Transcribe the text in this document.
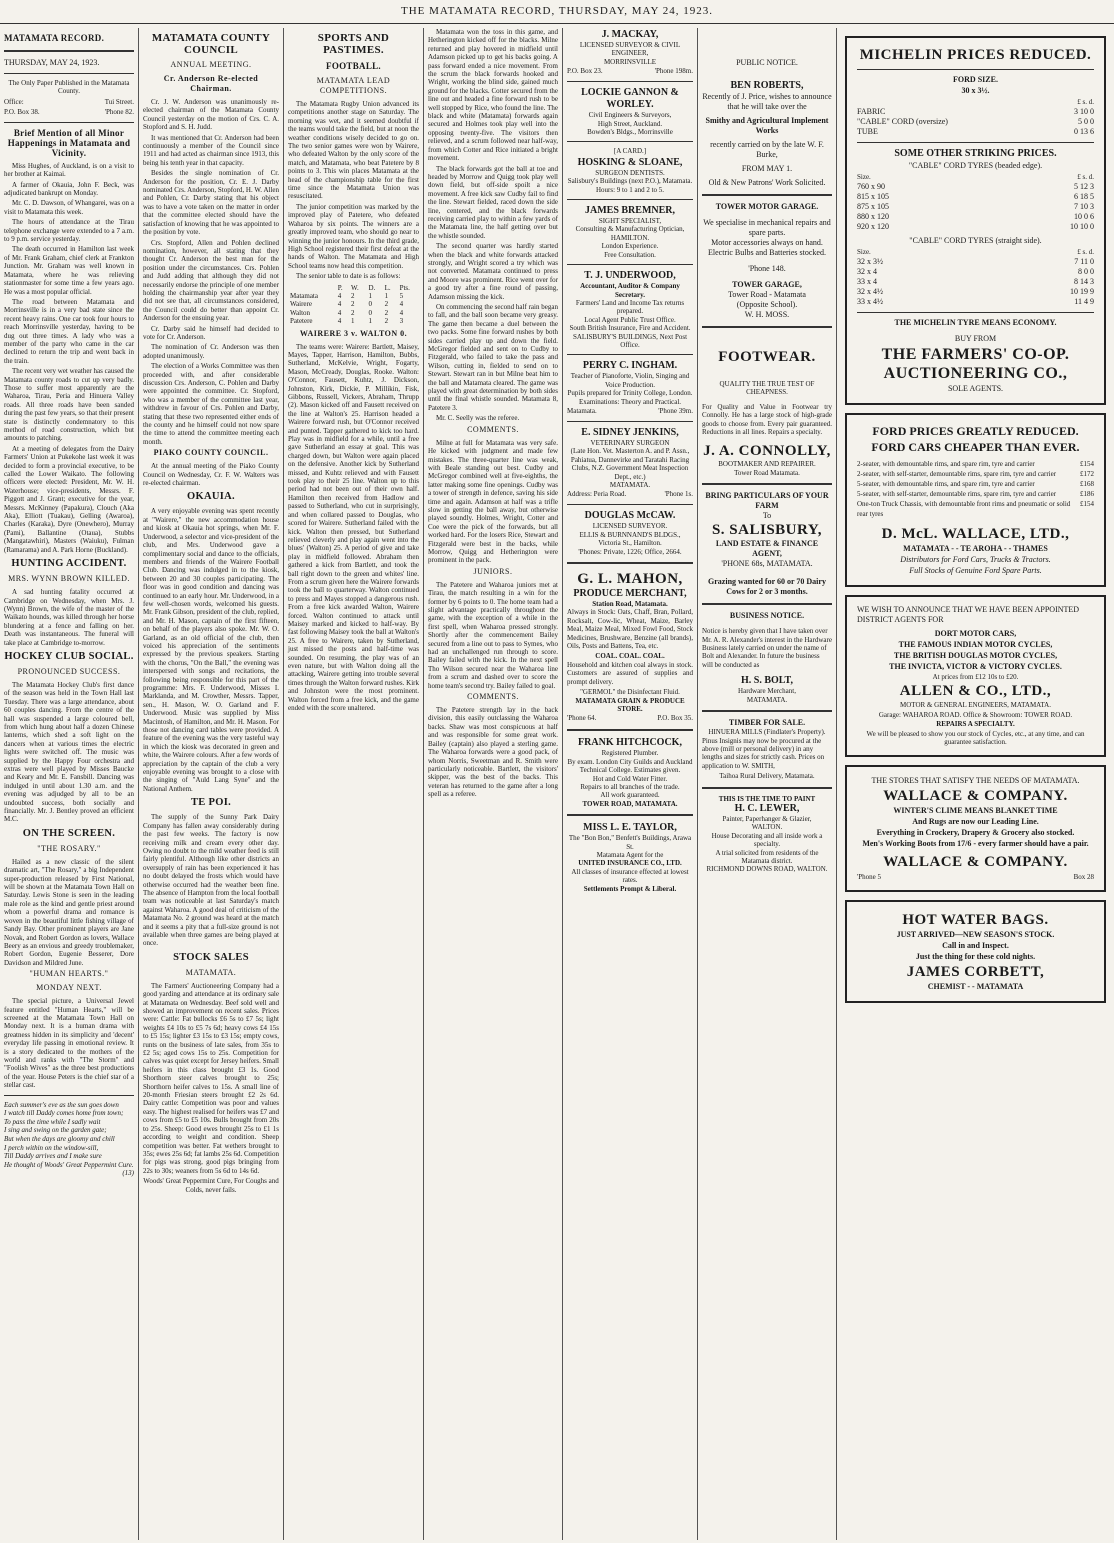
THE MATAMATA RECORD, THURSDAY, MAY 24, 1923.
MATAMATA RECORD.
THURSDAY, MAY 24, 1923.
The Only Paper Published in the Matamata County.
Office:	Tui Street.
P.O. Box 38.	'Phone 82.
Brief Mention of all Minor Happenings in Matamata and Vicinity.

Miss Hughes, of Auckland, is on a visit to her brother at Kaimai.

A farmer of Okauia, John F. Beck, was adjudicated bankrupt on Monday.

Mr. C. D. Dawson, of Whangarei, was on a visit to Matamata this week.

The hours of attendance at the Tirau telephone exchange were extended to a 7 a.m. to 9 p.m. service yesterday.

The death occurred in Hamilton last week of Mr. Frank Graham, chief clerk at Frankton Junction. Mr. Graham was well known in Matamata, where he was relieving stationmaster for some time a few years ago. He was a most popular official.

The road between Matamata and Morrinsville is in a very bad state since the recent heavy rains. One car took four hours to reach Morrinsville yesterday, having to be dug out three times. A lady who was a member of the party who came in the car declined to return the trip and went back in the train.

The recent very wet weather has caused the Matamata county roads to cut up very badly. Those to suffer most apparently are the Waharoa, Tirau, Peria and Hinuera Valley roads. All three roads have been sanded during the past few years, so that their present state is distinctly condemnatory to this method of road construction, which but amounts to patching.

At a meeting of delegates from the Dairy Farmers' Union at Pukekohe last week it was decided to form a provincial executive, to be called the Lower Waikato. The following officers were elected: President, Mr. W. H. Waterhouse; vice-presidents, Messrs. F. Piggott and J. Grant; executive for the year, Messrs. McKinney (Papakura), Clouch (Aka Aka), Elliott (Tuakau), Gelling (Awaroa), Charles (Karaka), Dyre (Onewhero), Murray (Pami), Ballantine (Otaua), Stubbs (Mangatawhiri), Masters (Waiuku), Fulman (Ramarama) and A. Park Horne (Buckland).

HUNTING ACCIDENT.
MRS. WYNN BROWN KILLED.

A sad hunting fatality occurred at Cambridge on Wednesday, when Mrs. J. (Wynn) Brown, the wife of the master of the Waikato hounds, was killed through her horse blundering at a fence and falling on her. Death was instantaneous. The funeral will take place at Cambridge to-morrow.

HOCKEY CLUB SOCIAL.
PRONOUNCED SUCCESS.

The Matamata Hockey Club's first dance of the season was held in the Town Hall last Tuesday. There was a large attendance, about 60 couples dancing. From the centre of the hall was suspended a large coloured bell, from which hung about half a dozen Chinese lanterns, which shed a soft light on the dancers when at various times the electric lights were switched off. The music was supplied by the Happy Four orchestra and extras were well played by Misses Baucke and Keary and Mr. E. Fansbill. Dancing was indulged in until about 1.30 a.m. and the evening was adjudged by all to be an undoubted success, both socially and financially. Mr. J. Bentley proved an efficient M.C.

ON THE SCREEN.
"THE ROSARY."

Hailed as a new classic of the silent dramatic art, "The Rosary," a big Independent super-production released by First National, will be shown at the Matamata Town Hall on Saturday. Lewis Stone is seen in the leading male role as the kind and gentle priest around whom a powerful drama and romance is woven in the beautiful little fishing village of Sandy Bay. Other prominent players are Jane Novak, and Robert Gordon as lovers, Wallace Beery as an envious and greedy troublemaker, Robert Gordon, Eugenie Besserer, Dore Davidson and Mildred June.

"HUMAN HEARTS."
MONDAY NEXT.

The special picture, a Universal Jewel feature entitled "Human Hearts," will be screened at the Matamata Town Hall on Monday next. It is a human drama with greatness hidden in its simplicity and 'decent' everyday life passing in emotional review. It is a story dedicated to the mothers of the world and ranks with "The Storm" and "Foolish Wives" as the three best productions of the year. House Peters is the chief star of a stellar cast.

Each summer's eve as the sun goes down
I watch till Daddy comes home from town;
To pass the time while I sadly wait
I sing and swing on the garden gate;
But when the days are gloomy and chill
I perch within on the window-sill,
Till Daddy arrives and I make sure
He thought of Woods' Great Peppermint Cure.
(13)
MATAMATA COUNTY COUNCIL
ANNUAL MEETING.
Cr. Anderson Re-elected Chairman.

Cr. J. W. Anderson was unanimously re-elected chairman of the Matamata County Council yesterday on the motion of Crs. C. A. Stopford and S. H. Judd.

It was mentioned that Cr. Anderson had been continuously a member of the Council since 1911 and had acted as chairman since 1913, this being his tenth year in that capacity.

Besides the single nomination of Cr. Anderson for the position, Cr. E. J. Darby nominated Crs. Anderson, Stopford, H. W. Allen and Pohlen, Cr. Darby stating that his object was to have a vote taken on the matter in order that the committee elected should have the satisfaction of knowing that he was appointed to the position by vote.

Crs. Stopford, Allen and Pohlen declined nomination, however, all stating that they thought Cr. Anderson the best man for the position under the circumstances. Crs. Pohlen and Judd adding that although they did not necessarily endorse the principle of one member holding the chairmanship year after year they did not see that, all circumstances considered, the Council could do better than appoint Cr. Anderson for the ensuing year.

Cr. Darby said he himself had decided to vote for Cr. Anderson.

The nomination of Cr. Anderson was then adopted unanimously.

The election of a Works Committee was then proceeded with, and after considerable discussion Crs. Anderson, C. Pohlen and Darby were appointed the committee. Cr. Stopford, who was a member of the committee last year, withdrew in favour of Crs. Pohlen and Darby, stating that these two represented either ends of the county and he himself could not now spare the time to attend the committee meeting each month.

PIAKO COUNTY COUNCIL.

At the annual meeting of the Piako County Council on Wednesday, Cr. F. W. Walters was re-elected chairman.

OKAUIA.

A very enjoyable evening was spent recently at "Wairere," the new accommodation house and kiosk at Okauia hot springs, when Mr. F. Underwood, a selector and vice-president of the club, and Mrs. Underwood gave a complimentary social and dance to the officials, members and friends of the Wairere Football Club. Dancing was indulged in to the kiosk, between 20 and 30 couples participating. The floor was in good condition and dancing was continued to an early hour. Mr. Underwood, in a few well-chosen words, welcomed his guests. Mr. Frank Gibson, president of the club, replied, and Mr. H. Mason, captain of the first fifteen, on behalf of the players also spoke. Mr. W. O. Garland, as an old official of the club, then voiced his appreciation of the sentiments expressed by the previous speakers. Starting with the chorus, "On the Ball," the evening was interspersed with songs and recitations, the following being responsible for this part of the programme: Mrs. F. Underwood, Misses I. Marklanda, and M. Crowther, Messrs. Tapper, sen., H. Mason, W. O. Garland and F. Underwood. Music was supplied by Miss Macintosh, of Hamilton, and Mr. H. Mason. For those not dancing card tables were provided. A feature of the evening was the very tasteful way in which the kiosk was decorated in green and white, the Wairere colours. After a few words of appreciation by the captain of the club a very enjoyable evening was brought to a close with the singing of "Auld Lang Syne" and the National Anthem.

TE POI.

The supply of the Sunny Park Dairy Company has fallen away considerably during the past few weeks. The factory is now receiving milk and cream every other day. Owing no doubt to the mild weather feed is still fairly plentiful. Although like other districts an oversupply of rain has been experienced it has no doubt delayed the frosts which would have otherwise occurred had the weather been fine. The absence of Hampton from the local football team was noticeable at last Saturday's match against Waharoa. A good deal of criticism of the Matamata No. 2 ground was heard at the match and it seems a pity that a full-size ground is not available when three games are being played at once.

STOCK SALES
MATAMATA.

The Farmers' Auctioneering Company had a good yarding and attendance at its ordinary sale at Matamata on Wednesday. Beef sold well and showed an improvement on recent sales. Prices were: Cattle: Fat bullocks £6 5s to £7 5s; light weights £4 10s to £5 7s 6d; heavy cows £4 15s to £5 15s; lighter £3 15s to £3 15s; empty cows, runts on the business of late sales, from 35s to £2 5s; aged cows 15s to 25s. Competition for calves was quiet except for Jersey heifers. Small heifers in this class brought £3 1s. Good Shorthorn steer calves brought to 25s; Shorthorn heifer calves to 15s. A small line of 20-month Friesian steers brought £2 2s 6d. Dairy cattle: Competition was poor and values easy. The highest realised for heifers was £7 and cows from £5 to £5 10s. Bulls brought from 20s to 25s. Sheep: Good ewes brought 25s to £1 1s according to weight and condition. Sheep competition was better. Fat wethers brought to 35s; ewes 25s 6d; fat lambs 25s 6d. Competition for pigs was strong, good pigs bringing from 22s to 30s; weaners from 5s 6d to 14s 6d.

Woods' Great Peppermint Cure, For Coughs and Colds, never fails.
SPORTS AND PASTIMES.
FOOTBALL.
MATAMATA LEAD COMPETITIONS.

The Matamata Rugby Union advanced its competitions another stage on Saturday. The morning was wet, and it seemed doubtful if the teams would take the field, but at noon the weather conditions wisely decided to go on. The two senior games were won by Wairere, who defeated Walton by the only score of the match, and Matamata, who beat Patetere by 8 points to 3. This win places Matamata at the head of the championship table for the first time since the Matamata Union was resuscitated.

The junior competition was marked by the improved play of Patetere, who defeated Waharoa by six points. The winners are a greatly improved team, who should go near to winning the junior honours. In the third grade, High School registered their first defeat at the hands of Walton. The Matamata and High School teams now head this competition.

The senior table to date is as follows:

	P.	W.	D.	L.	Pts.
Matamata	4	2	1	1	5
Wairere	4	2	0	2	4
Walton	4	2	0	2	4
Patetere	4	1	1	2	3
WAIRERE 3 v. WALTON 0.

The teams were: Wairere: Bartlett, Maisey, Mayes, Tapper, Harrison, Hamilton, Bubbs, Sutherland, McKelvie, Wright, Fogarty, Mason, McCready, Douglas, Rooke. Walton: O'Connor, Fausett, Kuhtz, J. Dickson, Johnston, Kirk, Dickie, P. Millikin, Fisk, Gibbons, Russell, Vickers, Abraham, Thrupp (2). Mason kicked off and Fausett received on the line at Walton's 25. Harrison headed a Wairere forward rush, but O'Connor received and punted. Tapper gathered to kick too hard. Play was in midfield for a while, until a free gave Sutherland an essay at goal. This was charged down, but Walton were again placed on the defensive. Another kick by Sutherland missed, and Kuhtz relieved and with Fausett took play to their 25 line. Walton up to this period had not been out of their own half. Hamilton then received from Hadlow and passed to Sutherland, who cut in surprisingly, and when collared passed to Douglas, who scored for Wairere. Sutherland failed with the kick. Walton then pressed, but Sutherland relieved cleverly and play again went into the blues' (Walton) 25. A period of give and take play in midfield followed. Abraham then gathered a kick from Bartlett, and took the ball right down to the green and whites' line. From a scrum given here the Wairere forwards took the ball to quarterway. Walton continued to press and Mayes stopped a dangerous rush. From a free kick awarded Walton, Wairere forced. Walton continued to attack until Maisey marked and kicked to half-way. By fast following Maisey took the ball at Walton's 25. A free to Wairere, taken by Sutherland, just missed the posts and half-time was sounded. On resuming, the play was of an even nature, but with Walton doing all the attacking, Wairere getting into trouble several times through the Walton forward rushes. Kirk and Johnston were the most prominent. Walton forced from a free kick, and the game ended with the score unaltered.

Matamata won the toss in this game, and Hetherington kicked off for the blacks. Milne returned and play hovered in midfield until Adamson picked up to get his backs going. A pass forward ended a nice movement. From the scrum the black forwards hooked and Wright, working the blind side, gained much ground for the blacks. Cotter secured from the line out and headed a fine forward rush to be well stopped by Rice, who found the line. The black and white (Matamata) forwards again secured and Holmes took play well into the opposing twenty-five. The visitors then relieved, and a scrum followed near half-way, from which Cotter and Rice initiated a bright movement.

The black forwards got the ball at toe and headed by Morrow and Quigg took play well down field, but off-side spoilt a nice movement. A free kick saw Cudby fail to find the line. Stewart fielded, raced down the side line, centered, and the black forwards receiving carried play to within a few yards of the Matamata line, the half getting over but the whistle sounded.

The second quarter was hardly started when the black and white forwards attacked strongly, and Wright scored a try which was not converted. Matamata continued to press and Moore was prominent. Rice went over for a good try after a fine round of passing, Adamson missing the kick.

On commencing the second half rain began to fall, and the ball soon became very greasy. The game then became a duel between the two packs. Some fine forward rushes by both sides carried play up and down the field. McGregor fielded and sent on to Cudby to Fitzgerald, who failed to take the pass and Wilson, cutting in, fielded to send on to Stewart. Stewart ran in but Milne beat him to the ball and Matamata cleared. The game was played with great determination by both sides until the final whistle sounded. Matamata 8, Patetere 3.

Mr. C. Seelly was the referee.

COMMENTS.

Milne at full for Matamata was very safe. He kicked with judgment and made few mistakes. The three-quarter line was weak, with Beale standing out best. Cudby and McGregor combined well at five-eighths, the latter making some fine openings. Cudby was a tower of strength in defence, saving his side time and again. Adamson at half was a trifle slow in getting the ball away, but otherwise played soundly. Holmes, Wright, Cotter and Coe were the pick of the forwards, but all worked hard. For the losers Rice, Stewart and Fitzgerald were best in the backs, while Morrow, Quigg and Hetherington were prominent in the pack.

JUNIORS.

The Patetere and Waharoa juniors met at Tirau, the match resulting in a win for the former by 6 points to 0. The home team had a slight advantage practically throughout the game, with the exception of a while in the first spell, when Waharoa pressed strongly. Shortly after the commencement Bailey secured from a line out to pass to Symes, who had an unchallenged run through to score. Bailey failed with the kick. In the next spell Tho Wilson secured near the Waharoa line from a scrum and dashed over to score the home team's second try. Bailey failed to goal.

COMMENTS.

The Patetere strength lay in the back division, this easily outclassing the Waharoa backs. Shaw was most conspicuous at half and was responsible for some great work. Bailey (captain) also played a sterling game. The Waharoa forwards were a good pack, of whom Norris, Sweetman and R. Smith were particularly noticeable. Bartlett, the visitors' skipper, was the best of the backs. This veteran has returned to the game after a long spell as a referee.

J. MACKAY,
LICENSED SURVEYOR & CIVIL ENGINEER,
MORRINSVILLE
P.O. Box 23.	'Phone 198m.
LOCKIE GANNON & WORLEY.
Civil Engineers & Surveyors,
High Street, Auckland.
Bowden's Bldgs., Morrinsville
[A CARD.]
HOSKING & SLOANE,
SURGEON DENTISTS.
Salisbury's Buildings (next P.O.), Matamata.
Hours: 9 to 1 and 2 to 5.
JAMES BREMNER,
SIGHT SPECIALIST,
Consulting & Manufacturing Optician,
HAMILTON.
London Experience.
Free Consultation.
T. J. UNDERWOOD,
Accountant, Auditor & Company Secretary.
Farmers' Land and Income Tax returns prepared.
Local Agent Public Trust Office.
South British Insurance, Fire and Accident.
SALISBURY'S BUILDINGS, Next Post Office.
PERRY C. INGHAM.
Teacher of Pianoforte, Violin, Singing and Voice Production.
Pupils prepared for Trinity College, London.
Examinations: Theory and Practical.
Matamata.	'Phone 39m.
E. SIDNEY JENKINS,
VETERINARY SURGEON
(Late Hon. Vet. Masterton A. and P. Assn., Pahiatua, Dannevirke and Taratahi Racing Clubs, N.Z. Government Meat Inspection Dept., etc.)
MATAMATA.
Address: Peria Road.	'Phone 1s.
DOUGLAS McCAW.
LICENSED SURVEYOR.
ELLIS & BURNNAND'S BLDGS.,
Victoria St., Hamilton.
'Phones: Private, 1226; Office, 2664.
G. L. MAHON,
PRODUCE MERCHANT,
Station Road, Matamata.

Always in Stock: Oats, Chaff, Bran, Pollard, Rocksalt, Cow-lic, Wheat, Maize, Barley Meal, Maize Meal, Mixed Fowl Food, Stock Medicines, Brushware, Benzine (all brands), Oils, Posts and Battens, Tea, etc.

COAL. COAL. COAL.

Household and kitchen coal always in stock. Customers are assured of supplies and prompt delivery.

"GERMOL" the Disinfectant Fluid.
MATAMATA GRAIN & PRODUCE STORE.
'Phone 64.	P.O. Box 35.
FRANK HITCHCOCK,
Registered Plumber.
By exam. London City Guilds and Auckland Technical College. Estimates given.
Hot and Cold Water Fitter.
Repairs to all branches of the trade.
All work guaranteed.
TOWER ROAD, MATAMATA.
MISS L. E. TAYLOR,
The "Bon Bon," Benfett's Buildings, Arawa St.
Matamata Agent for the
UNITED INSURANCE CO., LTD.
All classes of insurance effected at lowest rates.
Settlements Prompt & Liberal.
PUBLIC NOTICE.
BEN ROBERTS,
Recently of J. Price, wishes to announce that he will take over the
Smithy and Agricultural Implement Works
recently carried on by the late W. F. Burke,
FROM MAY 1.
Old & New Patrons' Work Solicited.
TOWER MOTOR GARAGE.
We specialise in mechanical repairs and spare parts.
Motor accessories always on hand.
Electric Bulbs and Batteries stocked.
'Phone 148.
TOWER GARAGE,
Tower Road - Matamata
(Opposite School).
W. H. MOSS.
FOOTWEAR.
QUALITY THE TRUE TEST OF CHEAPNESS.

For Quality and Value in Footwear try Connolly. He has a large stock of high-grade goods to choose from. Every pair guaranteed. Reductions in all lines. Repairs a specialty.

J. A. CONNOLLY,
BOOTMAKER AND REPAIRER.
Tower Road Matamata.
BRING PARTICULARS OF YOUR FARM
To
S. SALISBURY,
LAND ESTATE & FINANCE AGENT,
'PHONE 68s, MATAMATA.
Grazing wanted for 60 or 70 Dairy Cows for 2 or 3 months.
BUSINESS NOTICE.

Notice is hereby given that I have taken over Mr. A. R. Alexander's interest in the Hardware Business lately carried on under the name of Bolt and Alexander. In future the business will be conducted as

H. S. BOLT,
Hardware Merchant,
MATAMATA.
TIMBER FOR SALE.
HINUERA MILLS (Findlater's Property).

Pinus Insignis may now be procured at the above (mill or personal delivery) in any lengths and sizes for strictly cash. Prices on application to W. SMITH,

Taihoa Rural Delivery, Matamata.
THIS IS THE TIME TO PAINT
H. C. LEWER,
Painter, Paperhanger & Glazier,
WALTON.
House Decorating and all inside work a specialty.
A trial solicited from residents of the Matamata district.
RICHMOND DOWNS ROAD, WALTON.
MICHELIN PRICES REDUCED.
FORD SIZE.
30 x 3½.
£ s. d.
FABRIC	3 10 0
"CABLE" CORD (oversize)	5 0 0
TUBE	0 13 6
SOME OTHER STRIKING PRICES.
"CABLE" CORD TYRES (beaded edge).
Size.	£ s. d.
760 x 90	5 12 3
815 x 105	6 18 5
875 x 105	7 10 3
880 x 120	10 0 6
920 x 120	10 10 0
"CABLE" CORD TYRES (straight side).
Size.	£ s. d.
32 x 3½	7 11 0
32 x 4	8 0 0
33 x 4	8 14 3
32 x 4½	10 19 9
33 x 4½	11 4 9
THE MICHELIN TYRE MEANS ECONOMY.
BUY FROM
THE FARMERS' CO-OP. AUCTIONEERING CO.,
SOLE AGENTS.
FORD PRICES GREATLY REDUCED.
FORD CARS CHEAPER THAN EVER.
2-seater, with demountable rims, and spare rim, tyre and carrier	£154
2-seater, with self-starter, demountable rims, spare rim, tyre and carrier	£172
5-seater, with demountable rims, and spare rim, tyre and carrier	£168
5-seater, with self-starter, demountable rims, spare rim, tyre and carrier	£186
One-ton Truck Chassis, with demountable front rims and pneumatic or solid rear tyres
£154
D. McL. WALLACE, LTD.,
MATAMATA - - TE AROHA - - THAMES
Distributors for Ford Cars, Trucks & Tractors.
Full Stocks of Genuine Ford Spare Parts.
WE WISH TO ANNOUNCE THAT WE HAVE BEEN APPOINTED DISTRICT AGENTS FOR
DORT MOTOR CARS,
THE FAMOUS INDIAN MOTOR CYCLES,
THE BRITISH DOUGLAS MOTOR CYCLES,
THE INVICTA, VICTOR & VICTORY CYCLES.
At prices from £12 10s to £20.
ALLEN & CO., LTD.,
MOTOR & GENERAL ENGINEERS, MATAMATA.
Garage: WAHAROA ROAD. Office & Showroom: TOWER ROAD.
REPAIRS A SPECIALTY.
We will be pleased to show you our stock of Cycles, etc., at any time, and can guarantee satisfaction.
THE STORES THAT SATISFY THE NEEDS OF MATAMATA.
WALLACE & COMPANY.
WINTER'S CLIME MEANS BLANKET TIME
And Rugs are now our Leading Line.
Everything in Crockery, Drapery & Grocery also stocked.
Men's Working Boots from 17/6 - every farmer should have a pair.
WALLACE & COMPANY.
'Phone 5	Box 28
HOT WATER BAGS.
JUST ARRIVED—NEW SEASON'S STOCK.
Call in and Inspect.
Just the thing for these cold nights.
JAMES CORBETT,
CHEMIST - - MATAMATA
